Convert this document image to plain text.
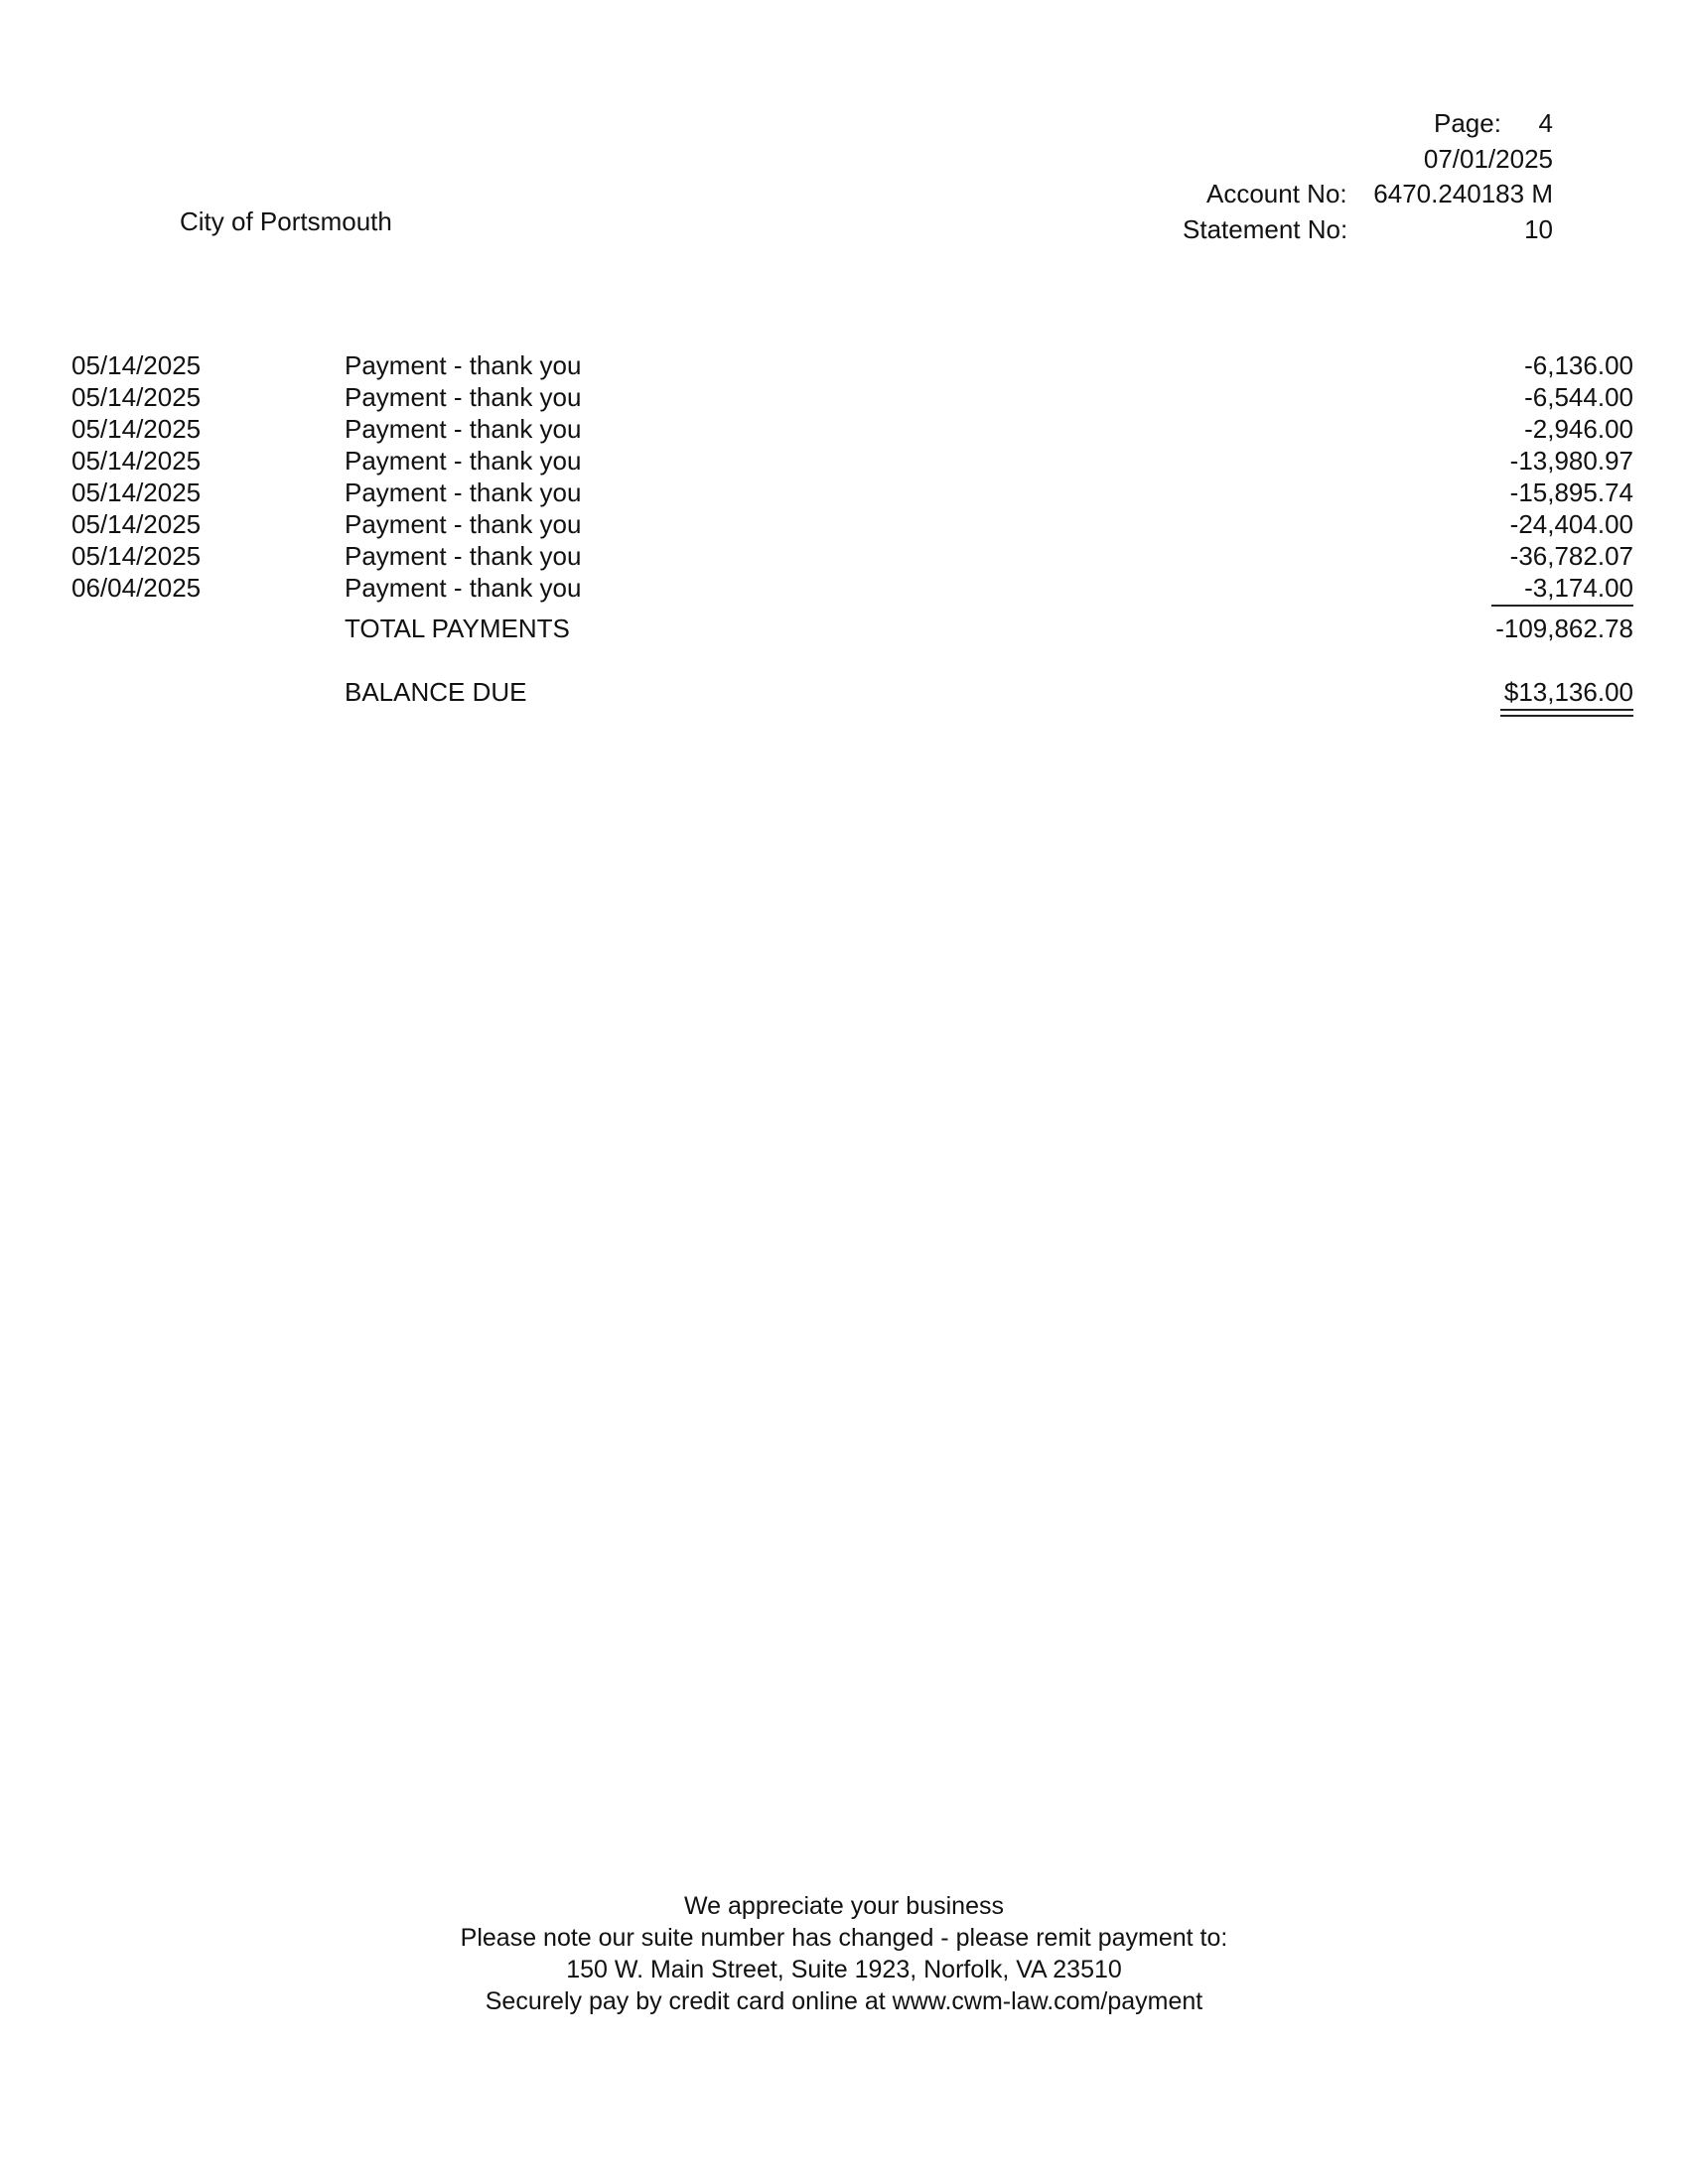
Page: 4
07/01/2025
Account No: 6470.240183 M
Statement No:	10
City of Portsmouth
05/14/2025	Payment - thank you	-6,136.00
05/14/2025	Payment - thank you	-6,544.00
05/14/2025	Payment - thank you	-2,946.00
05/14/2025	Payment - thank you	-13,980.97
05/14/2025	Payment - thank you	-15,895.74
05/14/2025	Payment - thank you	-24,404.00
05/14/2025	Payment - thank you	-36,782.07
06/04/2025	Payment - thank you	-3,174.00
TOTAL PAYMENTS	-109,862.78
BALANCE DUE	$13,136.00
We appreciate your business
Please note our suite number has changed - please remit payment to:
150 W. Main Street, Suite 1923, Norfolk, VA 23510
Securely pay by credit card online at www.cwm-law.com/payment
